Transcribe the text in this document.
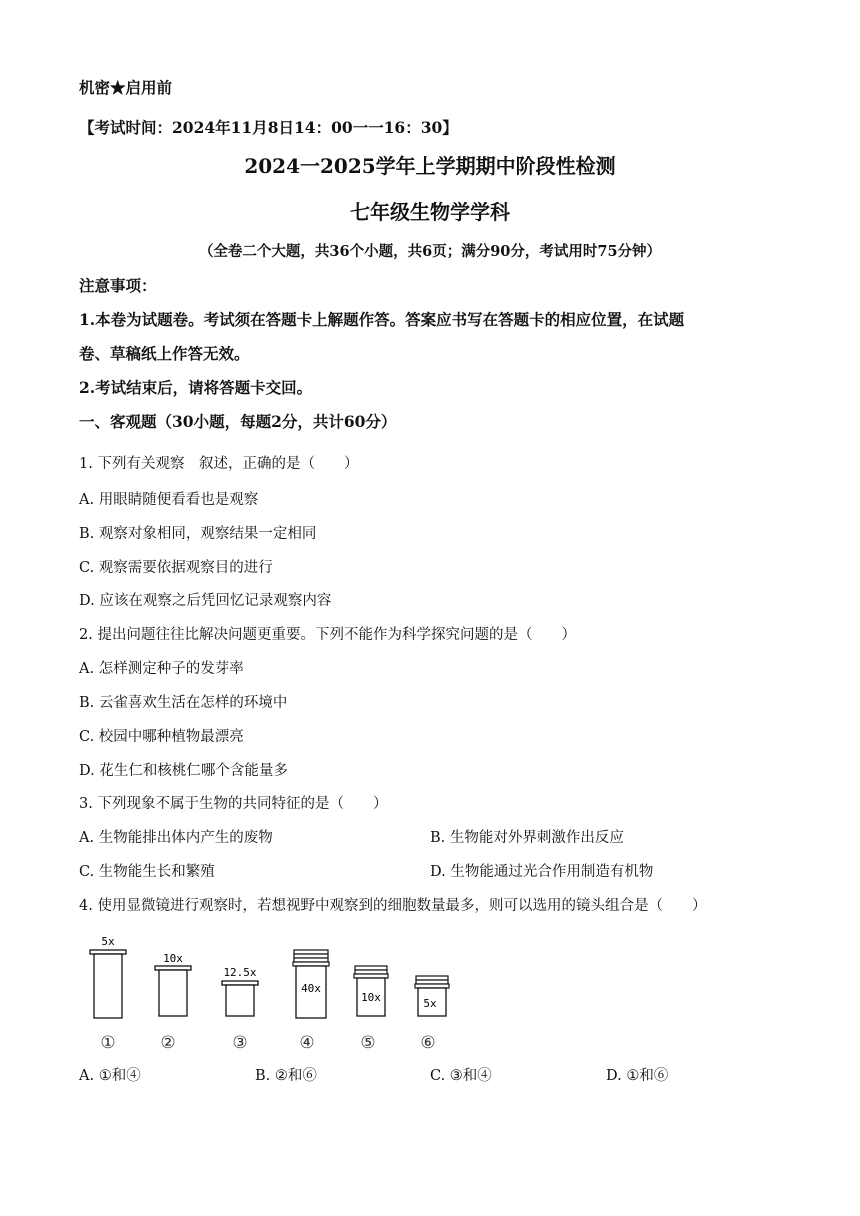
机密★启用前
【考试时间：2024年11月8日14：00一一16：30】
2024一2025学年上学期期中阶段性检测
七年级生物学学科
（全卷二个大题，共36个小题，共6页；满分90分，考试用时75分钟）
注意事项：
1.本卷为试题卷。考试须在答题卡上解题作答。答案应书写在答题卡的相应位置，在试题
卷、草稿纸上作答无效。
2.考试结束后，请将答题卡交回。
一、客观题（30小题，每题2分，共计60分）
1. 下列有关观察　叙述，正确的是（　　）
A. 用眼睛随便看看也是观察
B. 观察对象相同，观察结果一定相同
C. 观察需要依据观察目的进行
D. 应该在观察之后凭回忆记录观察内容
2. 提出问题往往比解决问题更重要。下列不能作为科学探究问题的是（　　）
A. 怎样测定种子的发芽率
B. 云雀喜欢生活在怎样的环境中
C. 校园中哪种植物最漂亮
D. 花生仁和核桃仁哪个含能量多
3. 下列现象不属于生物的共同特征的是（　　）
A. 生物能排出体内产生的废物	B. 生物能对外界刺激作出反应
C. 生物能生长和繁殖	D. 生物能通过光合作用制造有机物
4. 使用显微镜进行观察时，若想视野中观察到的细胞数量最多，则可以选用的镜头组合是（　　）
5x
10x
12.5x
40x
10x	5x
①	②	③	④	⑤	⑥
A. ①和④	B. ②和⑥	C. ③和④	D. ①和⑥
